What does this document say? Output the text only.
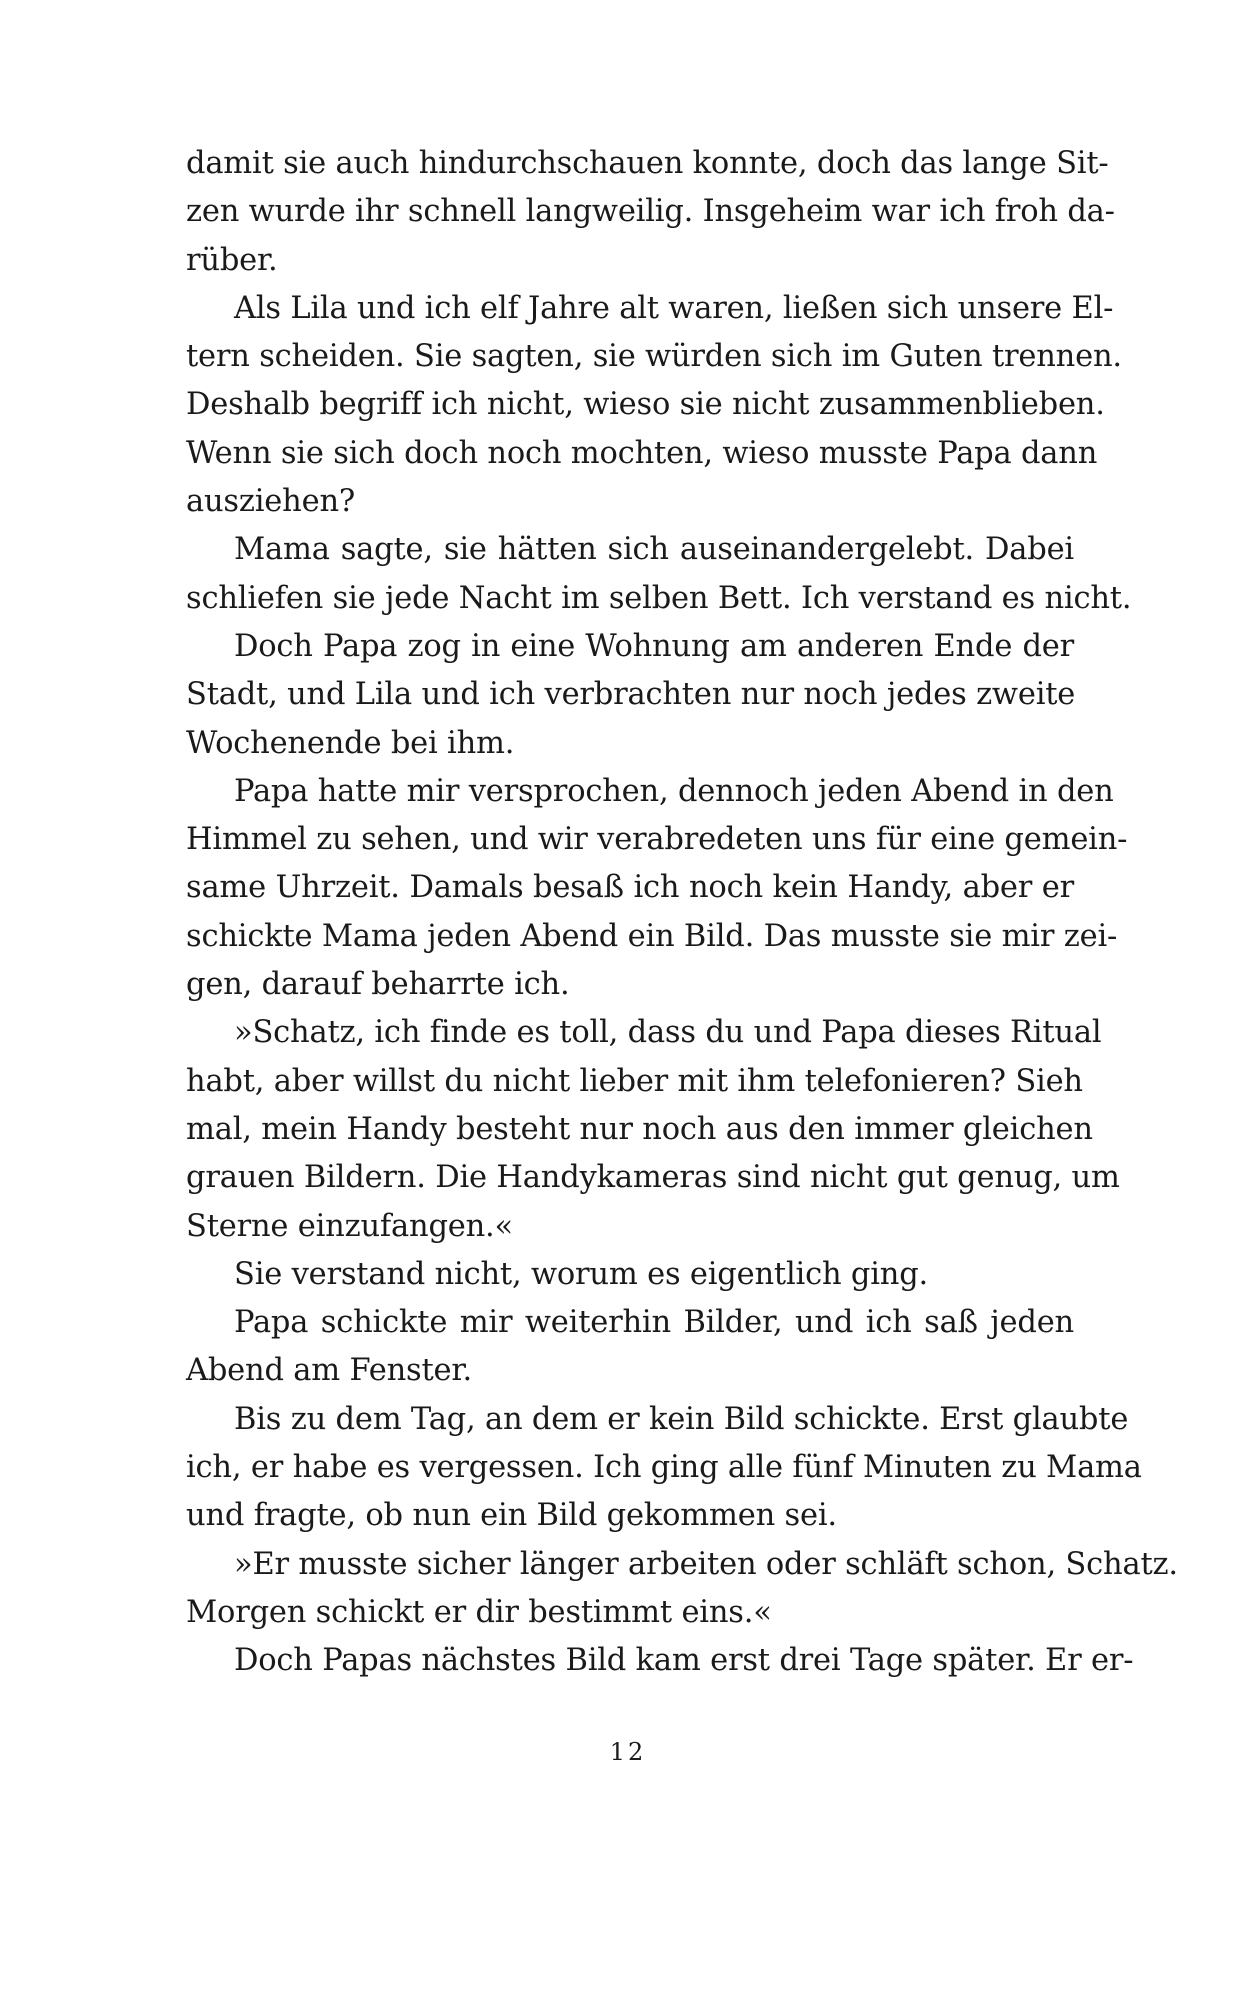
damit sie auch hindurchschauen konnte, doch das lange Sit-
zen wurde ihr schnell langweilig. Insgeheim war ich froh da-
rüber.
Als Lila und ich elf Jahre alt waren, ließen sich unsere El-
tern scheiden. Sie sagten, sie würden sich im Guten trennen.
Deshalb begriff ich nicht, wieso sie nicht zusammenblieben.
Wenn sie sich doch noch mochten, wieso musste Papa dann
ausziehen?
Mama sagte, sie hätten sich auseinandergelebt. Dabei
schliefen sie jede Nacht im selben Bett. Ich verstand es nicht.
Doch Papa zog in eine Wohnung am anderen Ende der
Stadt, und Lila und ich verbrachten nur noch jedes zweite
Wochenende bei ihm.
Papa hatte mir versprochen, dennoch jeden Abend in den
Himmel zu sehen, und wir verabredeten uns für eine gemein-
same Uhrzeit. Damals besaß ich noch kein Handy, aber er
schickte Mama jeden Abend ein Bild. Das musste sie mir zei-
gen, darauf beharrte ich.
»Schatz, ich finde es toll, dass du und Papa dieses Ritual
habt, aber willst du nicht lieber mit ihm telefonieren? Sieh
mal, mein Handy besteht nur noch aus den immer gleichen
grauen Bildern. Die Handykameras sind nicht gut genug, um
Sterne einzufangen.«
Sie verstand nicht, worum es eigentlich ging.
Papa schickte mir weiterhin Bilder, und ich saß jeden
Abend am Fenster.
Bis zu dem Tag, an dem er kein Bild schickte. Erst glaubte
ich, er habe es vergessen. Ich ging alle fünf Minuten zu Mama
und fragte, ob nun ein Bild gekommen sei.
»Er musste sicher länger arbeiten oder schläft schon, Schatz.
Morgen schickt er dir bestimmt eins.«
Doch Papas nächstes Bild kam erst drei Tage später. Er er-

12
